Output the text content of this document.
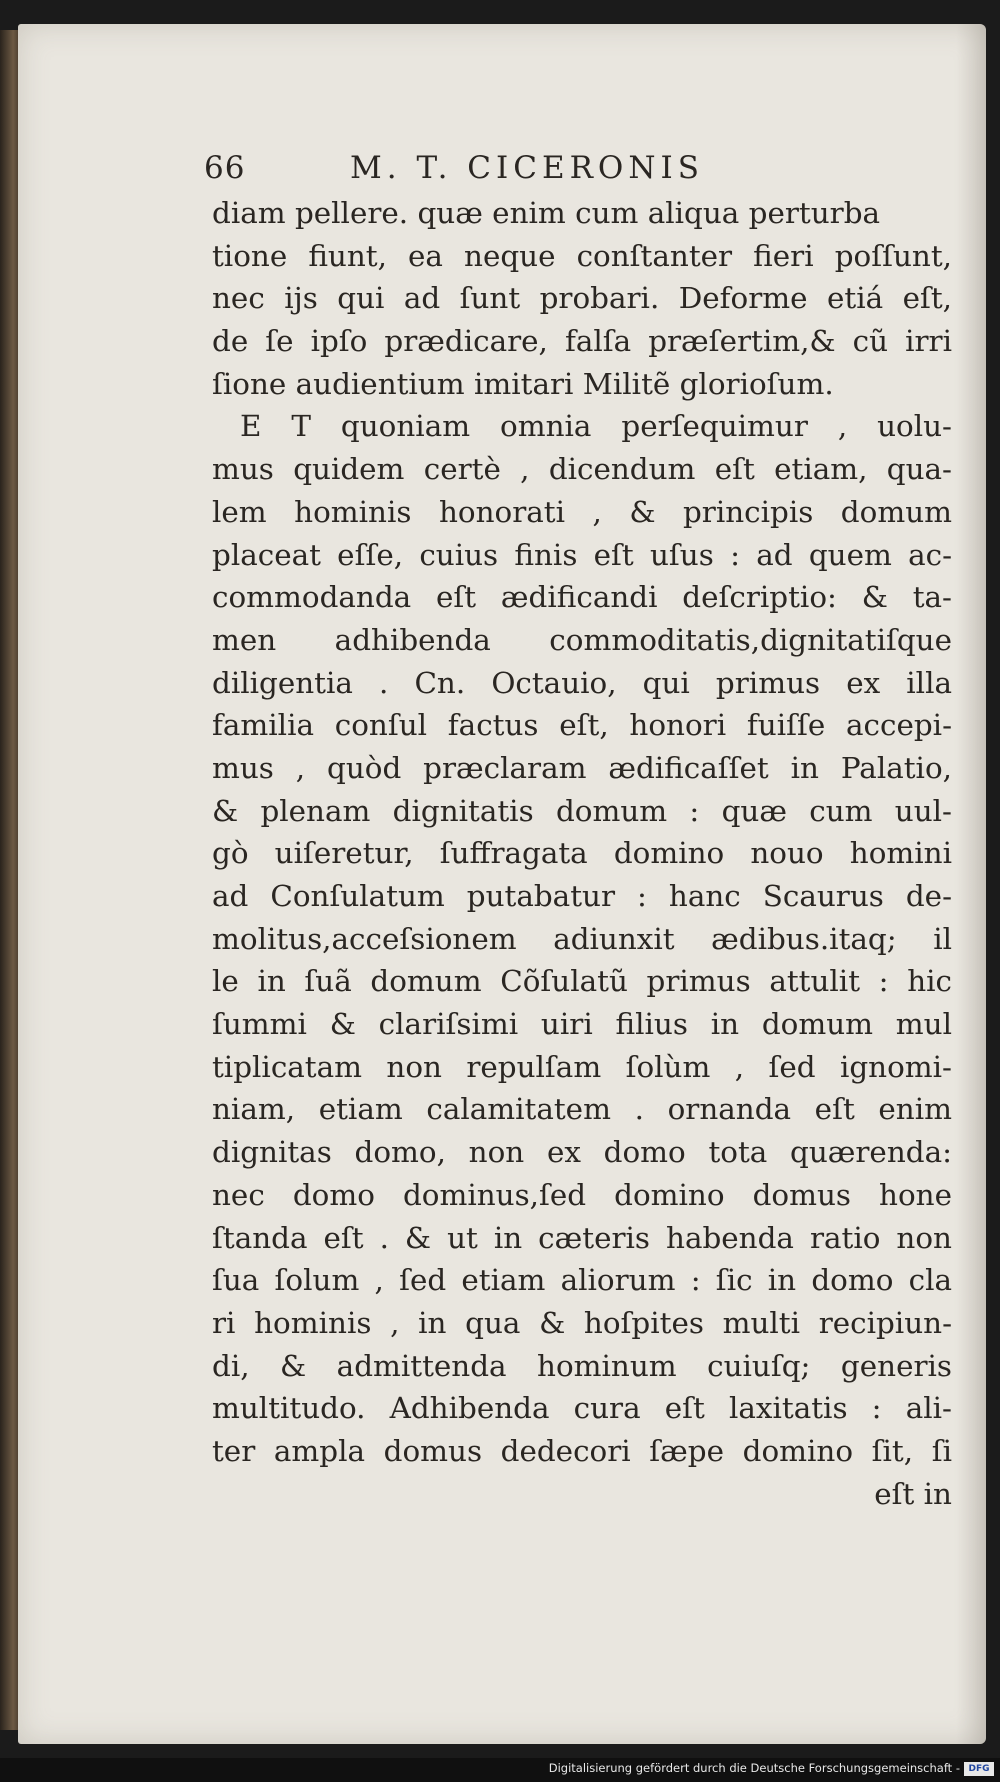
66	M. T. CICERONIS
diam pellere. quæ enim cum aliqua perturba
tione fiunt, ea neque conſtanter fieri poſſunt,
nec ijs qui ad ſunt probari. Deforme etiá eſt,
de ſe ipſo prædicare, falſa præſertim,& cũ irri
ſione audientium imitari Militẽ glorioſum.
E T quoniam omnia perſequimur , uolu-
mus quidem certè , dicendum eſt etiam, qua-
lem hominis honorati , & principis domum
placeat eſſe, cuius finis eſt uſus : ad quem ac-
commodanda eſt ædificandi deſcriptio: & ta-
men adhibenda commoditatis,dignitatiſque
diligentia . Cn. Octauio, qui primus ex illa
familia conſul factus eſt, honori fuiſſe accepi-
mus , quòd præclaram ædificaſſet in Palatio,
& plenam dignitatis domum : quæ cum uul-
gò uiſeretur, ſuffragata domino nouo homini
ad Conſulatum putabatur : hanc Scaurus de-
molitus,acceſsionem adiunxit ædibus.itaq; il
le in ſuã domum Cõſulatũ primus attulit : hic
ſummi & clariſsimi uiri filius in domum mul
tiplicatam non repulſam ſolùm , ſed ignomi-
niam, etiam calamitatem . ornanda eſt enim
dignitas domo, non ex domo tota quærenda:
nec domo dominus,ſed domino domus hone
ſtanda eſt . & ut in cæteris habenda ratio non
ſua ſolum , ſed etiam aliorum : ſic in domo cla
ri hominis , in qua & hoſpites multi recipiun-
di, & admittenda hominum cuiuſq; generis
multitudo. Adhibenda cura eſt laxitatis : ali-
ter ampla domus dedecori ſæpe domino ſit, ſi
eſt in
Digitalisierung gefördert durch die Deutsche Forschungsgemeinschaft - DFG
